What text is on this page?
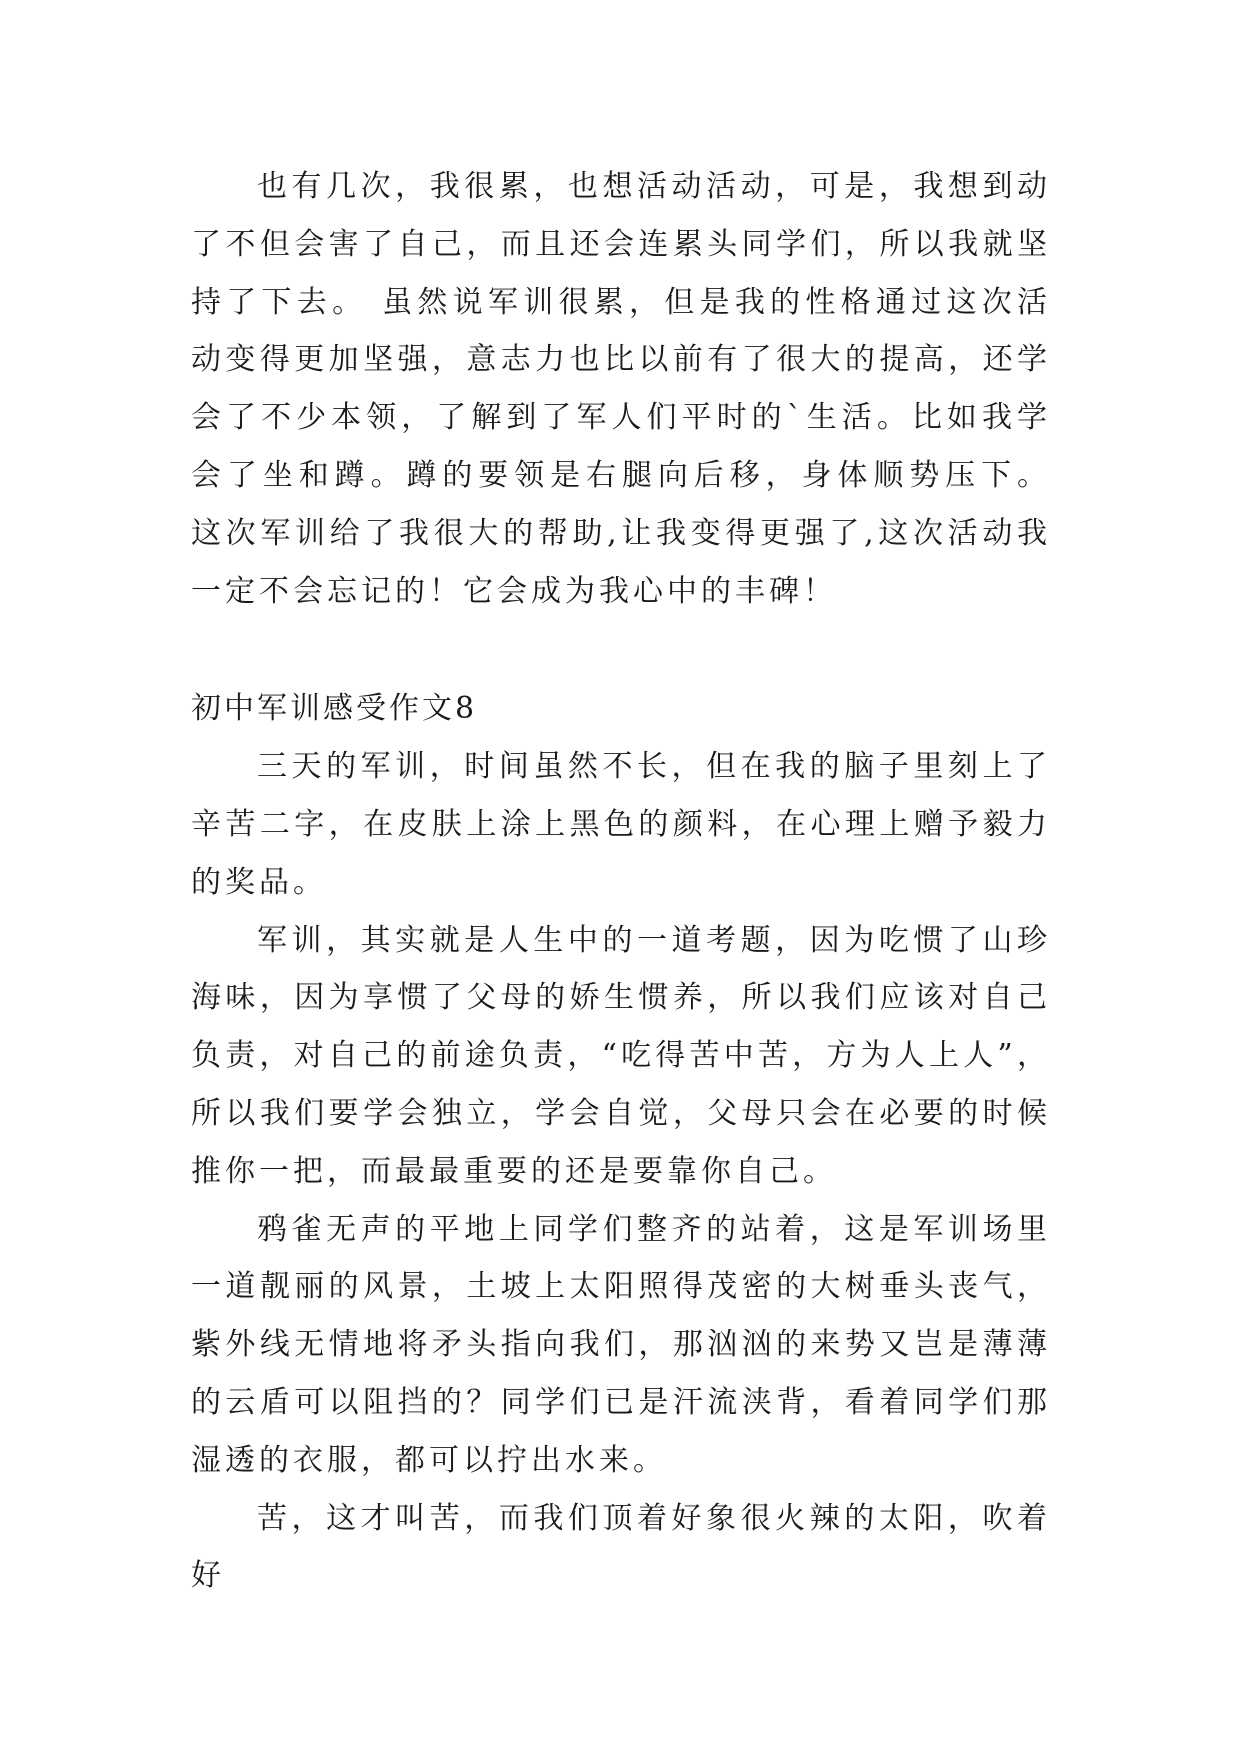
也有几次，我很累，也想活动活动，可是，我想到动了不但会害了自己，而且还会连累头同学们，所以我就坚持了下去。 虽然说军训很累，但是我的性格通过这次活动变得更加坚强，意志力也比以前有了很大的提高，还学会了不少本领，了解到了军人们平时的`生活。比如我学会了坐和蹲。蹲的要领是右腿向后移，身体顺势压下。 这次军训给了我很大的帮助,让我变得更强了,这次活动我一定不会忘记的！它会成为我心中的丰碑！

初中军训感受作文8

三天的军训，时间虽然不长，但在我的脑子里刻上了辛苦二字，在皮肤上涂上黑色的颜料，在心理上赠予毅力的奖品。

军训，其实就是人生中的一道考题，因为吃惯了山珍海味，因为享惯了父母的娇生惯养，所以我们应该对自己负责，对自己的前途负责，“吃得苦中苦，方为人上人”，所以我们要学会独立，学会自觉，父母只会在必要的时候推你一把，而最最重要的还是要靠你自己。

鸦雀无声的平地上同学们整齐的站着，这是军训场里一道靓丽的风景，土坡上太阳照得茂密的大树垂头丧气，紫外线无情地将矛头指向我们，那汹汹的来势又岂是薄薄的云盾可以阻挡的？同学们已是汗流浃背，看着同学们那湿透的衣服，都可以拧出水来。

苦，这才叫苦，而我们顶着好象很火辣的太阳，吹着好
